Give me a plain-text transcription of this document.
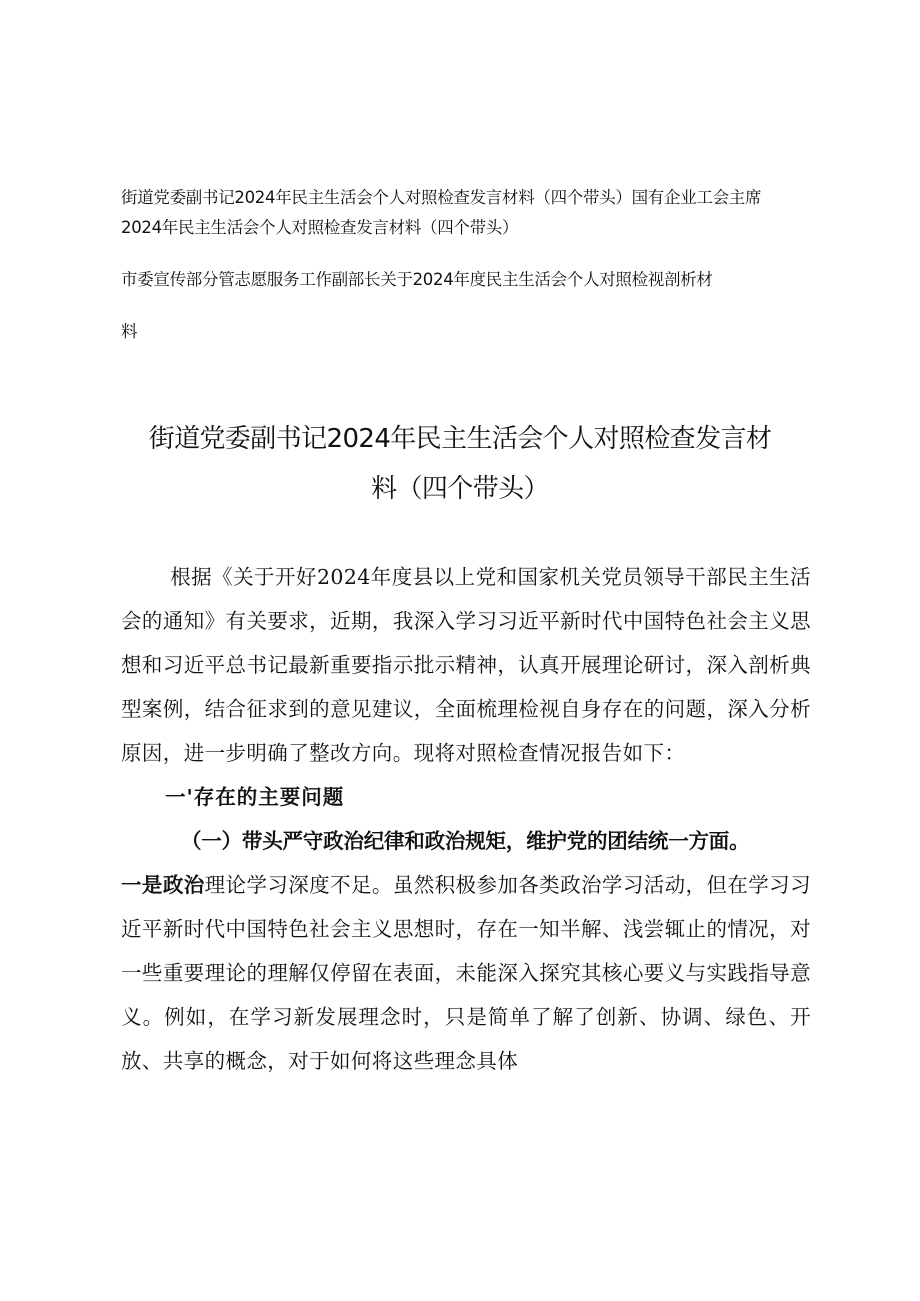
街道党委副书记2024年民主生活会个人对照检查发言材料（四个带头）国有企业工会主席

2024年民主生活会个人对照检查发言材料（四个带头）

市委宣传部分管志愿服务工作副部长关于2024年度民主生活会个人对照检视剖析材

料

街道党委副书记2024年民主生活会个人对照检查发言材

料（四个带头）

根据《关于开好2024年度县以上党和国家机关党员领导干部民主生活会的通知》有关要求，近期，我深入学习习近平新时代中国特色社会主义思想和习近平总书记最新重要指示批示精神，认真开展理论研讨，深入剖析典型案例，结合征求到的意见建议，全面梳理检视自身存在的问题，深入分析原因，进一步明确了整改方向。现将对照检查情况报告如下：

一'存在的主要问题

（一）带头严守政治纪律和政治规矩，维护党的团结统一方面。

一是政治理论学习深度不足。虽然积极参加各类政治学习活动，但在学习习近平新时代中国特色社会主义思想时，存在一知半解、浅尝辄止的情况，对一些重要理论的理解仅停留在表面，未能深入探究其核心要义与实践指导意义。例如，在学习新发展理念时，只是简单了解了创新、协调、绿色、开放、共享的概念，对于如何将这些理念具体
